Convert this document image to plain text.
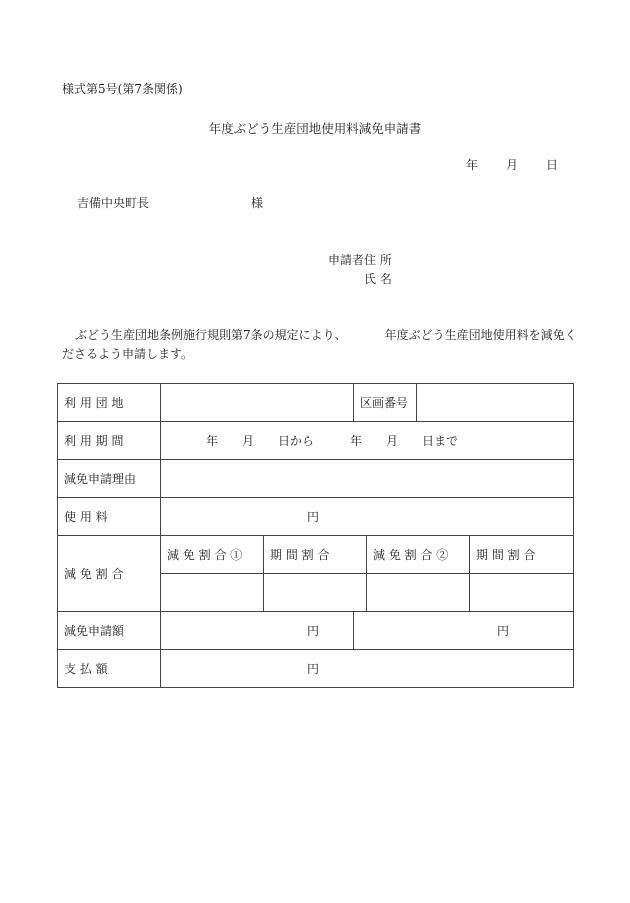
様式第5号(第7条関係)
年度ぶどう生産団地使用料減免申請書
年 月 日
吉備中央町長	様
申請者住 所
氏 名
ぶどう生産団地条例施行規則第7条の規定により、	年度ぶどう生産団地使用料を減免くださるよう申請します。
利 用 団 地			区画番号			
利 用 期 間	年　　月　　日から　　　年　　月　　日まで					
減免申請理由						
使 用 料	円					
減 免 割 合	減 免 割 合 ①	期 間 割 合		減 免 割 合 ②		期 間 割 合

減免申請額	円		円			
支 払 額	円					
